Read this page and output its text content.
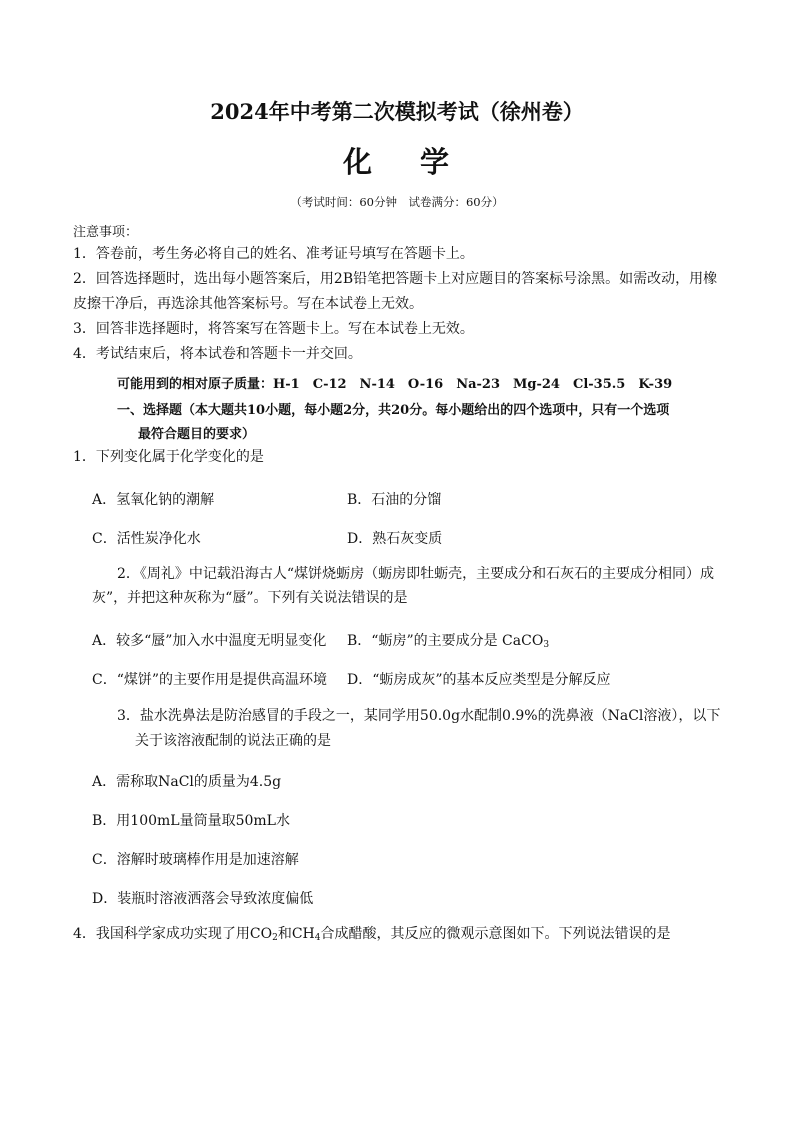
2024年中考第二次模拟考试（徐州卷）
化 学
（考试时间：60分钟　试卷满分：60分）
注意事项：
1．答卷前，考生务必将自己的姓名、准考证号填写在答题卡上。
2．回答选择题时，选出每小题答案后，用2B铅笔把答题卡上对应题目的答案标号涂黑。如需改动，用橡
皮擦干净后，再选涂其他答案标号。写在本试卷上无效。
3．回答非选择题时，将答案写在答题卡上。写在本试卷上无效。
4．考试结束后，将本试卷和答题卡一并交回。
可能用到的相对原子质量：H-1　C-12　N-14　O-16　Na-23　Mg-24　Cl-35.5　K-39
一、选择题（本大题共10小题，每小题2分，共20分。每小题给出的四个选项中，只有一个选项
最符合题目的要求）
1．下列变化属于化学变化的是
A．氢氧化钠的潮解	B．石油的分馏
C．活性炭净化水	D．熟石灰变质
2．《周礼》中记载沿海古人“煤饼烧蛎房（蛎房即牡蛎壳，主要成分和石灰石的主要成分相同）成
灰”，并把这种灰称为“蜃”。下列有关说法错误的是
A．较多“蜃”加入水中温度无明显变化 B．“蛎房”的主要成分是 CaCO$_3$
C．“煤饼”的主要作用是提供高温环境 D．“蛎房成灰”的基本反应类型是分解反应
3．盐水洗鼻法是防治感冒的手段之一，某同学用50.0g水配制0.9%的洗鼻液（NaCl溶液），以下
关于该溶液配制的说法正确的是
A．需称取NaCl的质量为4.5g
B．用100mL量筒量取50mL水
C．溶解时玻璃棒作用是加速溶解
D．装瓶时溶液洒落会导致浓度偏低
4．我国科学家成功实现了用$CO_2$和$CH_4$合成醋酸，其反应的微观示意图如下。下列说法错误的是
